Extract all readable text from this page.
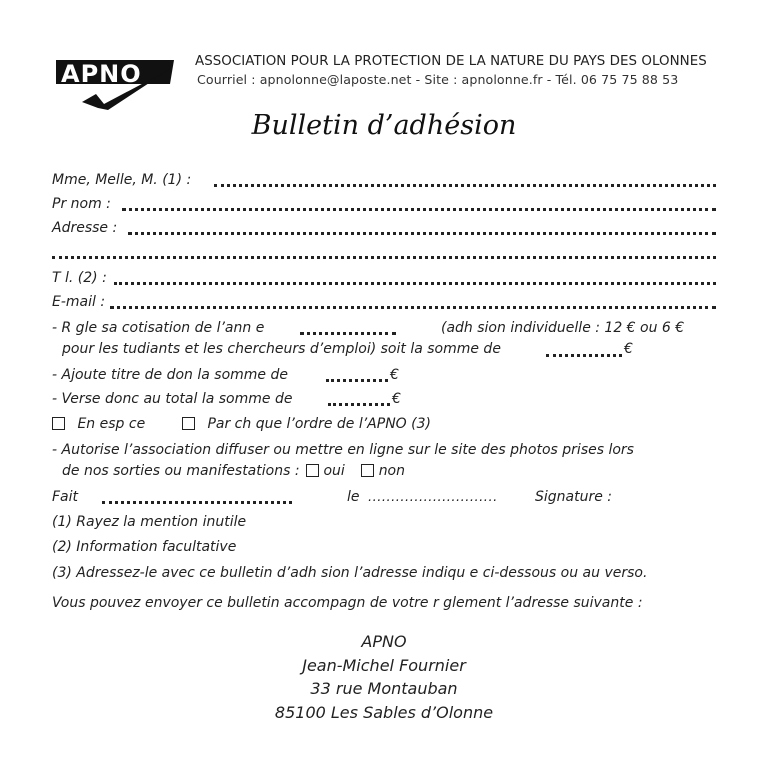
APNO	ASSOCIATION POUR LA PROTECTION DE LA NATURE DU PAYS DES OLONNES
Courriel : apnolonne@laposte.net - Site : apnolonne.fr - Tél. 06 75 75 88 53
Bulletin d’adhésion
Mme, Melle, M. (1) :
Pr nom :
Adresse :
T l. (2) :
E-mail :
- R gle sa cotisation de l’ann e	(adh sion individuelle : 12 € ou 6 €
pour les tudiants et les chercheurs d’emploi) soit la somme de	€
- Ajoute titre de don la somme de	€
- Verse donc au total la somme de	€
En esp ce	Par ch que l’ordre de l’APNO (3)
- Autorise l’association diffuser ou mettre en ligne sur le site des photos prises lors
de nos sorties ou manifestations : oui non
Fait	le ............................	Signature :
(1) Rayez la mention inutile
(2) Information facultative
(3) Adressez-le avec ce bulletin d’adh sion l’adresse indiqu e ci-dessous ou au verso.
Vous pouvez envoyer ce bulletin accompagn de votre r glement l’adresse suivante :
APNO
Jean-Michel Fournier
33 rue Montauban
85100 Les Sables d’Olonne
